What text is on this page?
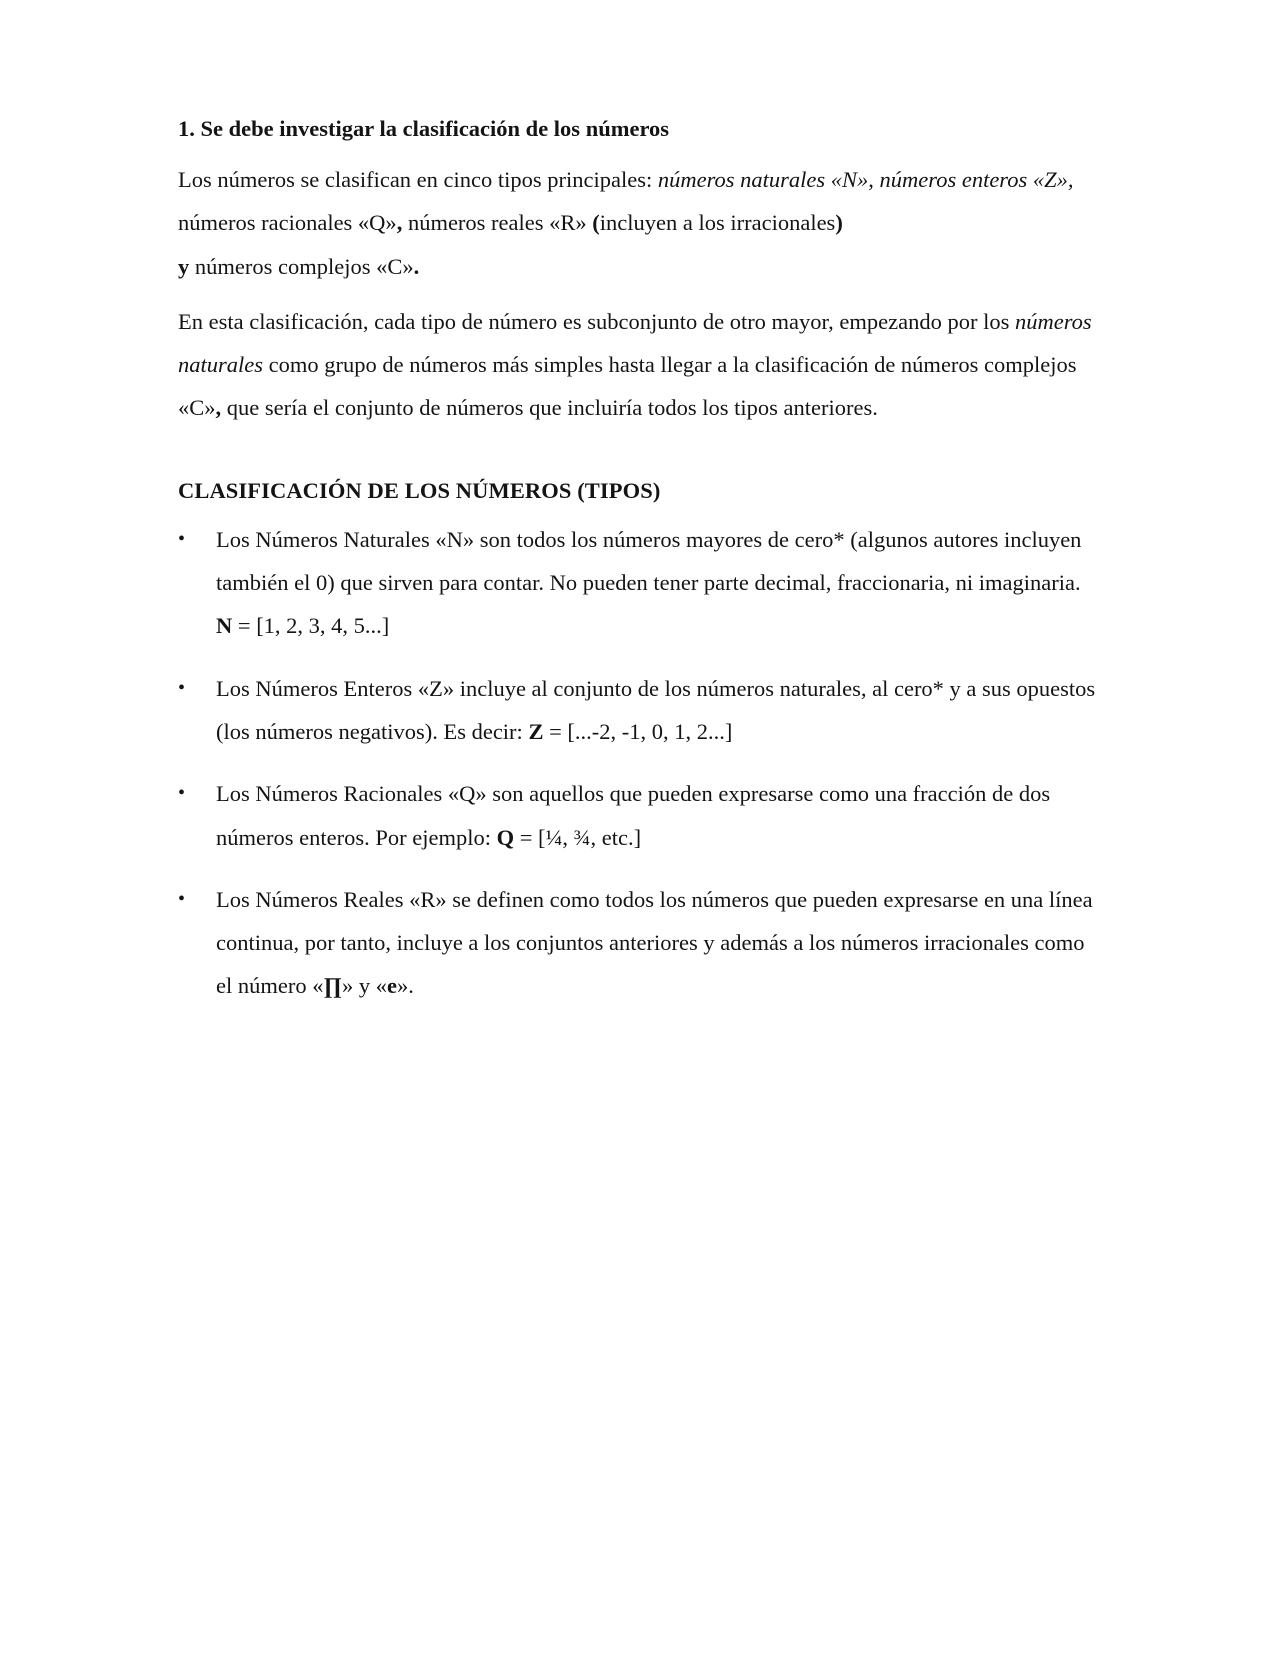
1. Se debe investigar la clasificación de los números

Los números se clasifican en cinco tipos principales: números naturales «N», números enteros «Z», números racionales «Q», números reales «R» (incluyen a los irracionales)
y números complejos «C».

En esta clasificación, cada tipo de número es subconjunto de otro mayor, empezando por los números naturales como grupo de números más simples hasta llegar a la clasificación de números complejos «C», que sería el conjunto de números que incluiría todos los tipos anteriores.

CLASIFICACIÓN DE LOS NÚMEROS (TIPOS)
• Los Números Naturales «N» son todos los números mayores de cero* (algunos autores incluyen también el 0) que sirven para contar. No pueden tener parte decimal, fraccionaria, ni imaginaria. N = [1, 2, 3, 4, 5...]
• Los Números Enteros «Z» incluye al conjunto de los números naturales, al cero* y a sus opuestos (los números negativos). Es decir: Z = [...-2, -1, 0, 1, 2...]
• Los Números Racionales «Q» son aquellos que pueden expresarse como una fracción de dos números enteros. Por ejemplo: Q = [¼, ¾, etc.]
• Los Números Reales «R» se definen como todos los números que pueden expresarse en una línea continua, por tanto, incluye a los conjuntos anteriores y además a los números irracionales como el número «∏» y «e».
